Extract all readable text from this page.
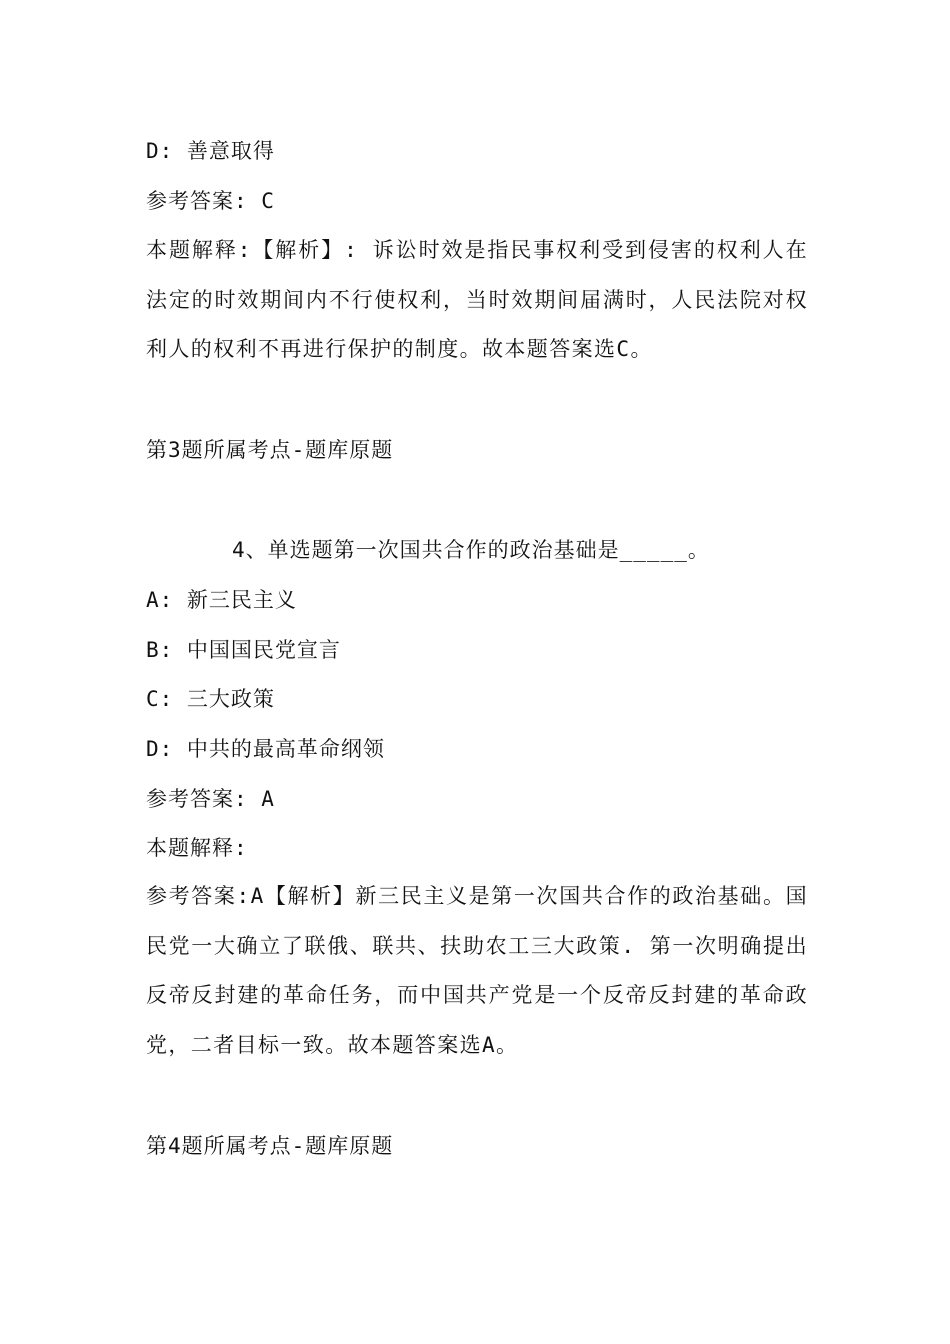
D: 善意取得
参考答案: C
本题解释:【解析】: 诉讼时效是指民事权利受到侵害的权利人在法定的时效期间内不行使权利，当时效期间届满时，人民法院对权利人的权利不再进行保护的制度。故本题答案选C。
第3题所属考点-题库原题
4、单选题第一次国共合作的政治基础是_____。
A: 新三民主义
B: 中国国民党宣言
C: 三大政策
D: 中共的最高革命纲领
参考答案: A
本题解释:
参考答案:A【解析】新三民主义是第一次国共合作的政治基础。国民党一大确立了联俄、联共、扶助农工三大政策. 第一次明确提出反帝反封建的革命任务，而中国共产党是一个反帝反封建的革命政党，二者目标一致。故本题答案选A。
第4题所属考点-题库原题
